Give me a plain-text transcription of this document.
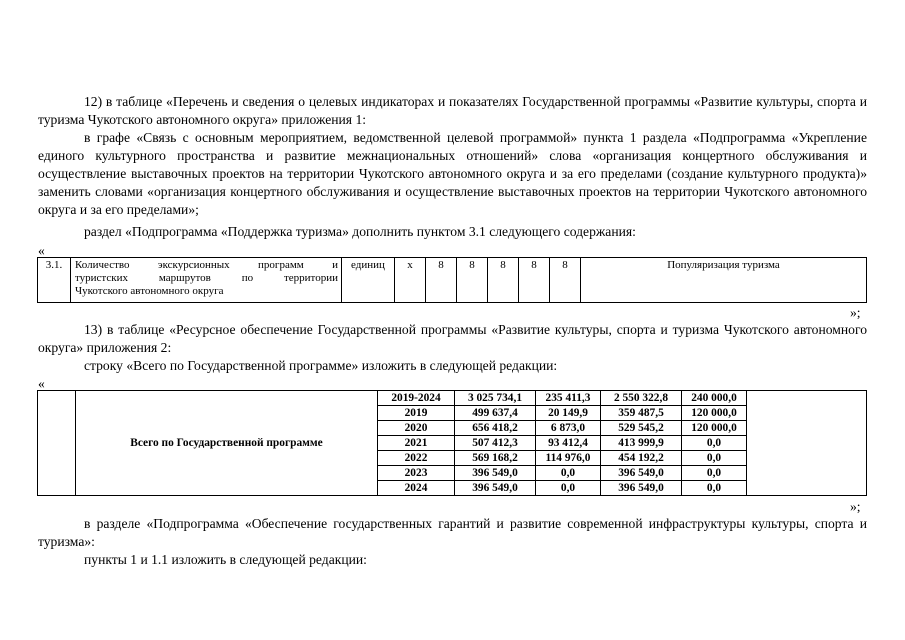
12) в таблице «Перечень и сведения о целевых индикаторах и показателях Государственной программы «Развитие культуры, спорта и туризма Чукотского автономного округа» приложения 1:
в графе «Связь с основным мероприятием, ведомственной целевой программой» пункта 1 раздела «Подпрограмма «Укрепление единого культурного пространства и развитие межнациональных отношений» слова «организация концертного обслуживания и осуществление выставочных проектов на территории Чукотского автономного округа и за его пределами (создание культурного продукта)» заменить словами «организация концертного обслуживания и осуществление выставочных проектов на территории Чукотского автономного округа и за его пределами»;
раздел «Подпрограмма «Поддержка туризма» дополнить пунктом 3.1 следующего содержания:
«
3.1.	Количество экскурсионных программ и
туристских маршрутов по территории

Чукотского автономного округа
	единиц	х	8	8	8	8	8	Популяризация туризма
»;
13) в таблице «Ресурсное обеспечение Государственной программы «Развитие культуры, спорта и туризма Чукотского автономного округа» приложения 2:
строку «Всего по Государственной программе» изложить в следующей редакции:
«
	Всего по Государственной программе	2019-2024	3 025 734,1	235 411,3	2 550 322,8	240 000,0	
		2019	499 637,4	20 149,9	359 487,5	120 000,0	
		2020	656 418,2	6 873,0	529 545,2	120 000,0	
		2021	507 412,3	93 412,4	413 999,9	0,0	
		2022	569 168,2	114 976,0	454 192,2	0,0	
		2023	396 549,0	0,0	396 549,0	0,0	
		2024	396 549,0	0,0	396 549,0	0,0	
»;
в разделе «Подпрограмма «Обеспечение государственных гарантий и развитие современной инфраструктуры культуры, спорта и туризма»:
пункты 1 и 1.1 изложить в следующей редакции:
